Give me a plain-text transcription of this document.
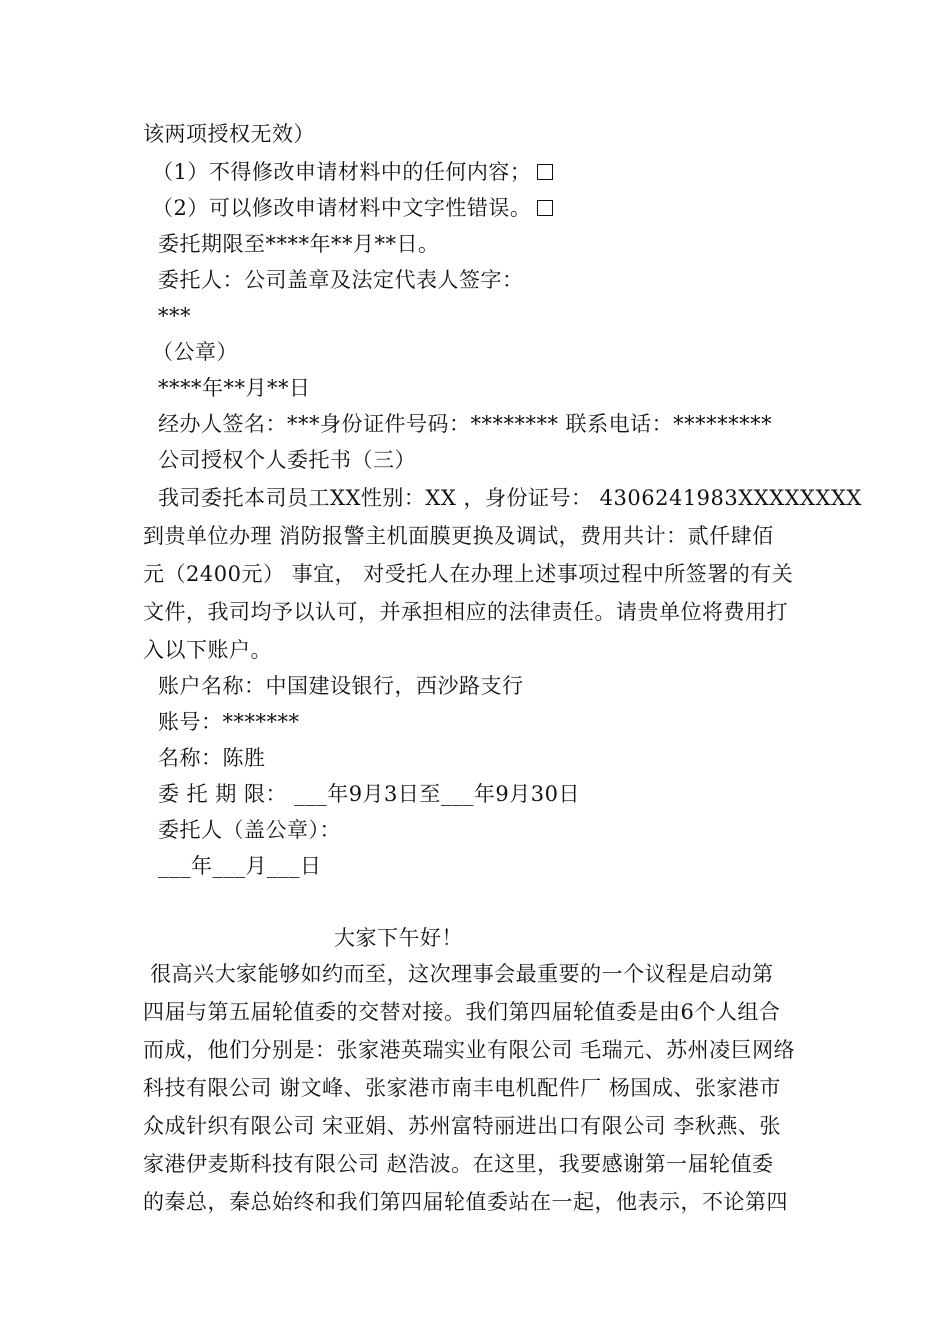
该两项授权无效）
（1）不得修改申请材料中的任何内容；
（2）可以修改申请材料中文字性错误。
委托期限至****年**月**日。
委托人：公司盖章及法定代表人签字：
***
（公章）
****年**月**日
经办人签名：***身份证件号码：******** 联系电话：*********
公司授权个人委托书（三）
我司委托本司员工XX性别：XX ，身份证号： 4306241983XXXXXXXX
到贵单位办理 消防报警主机面膜更换及调试，费用共计：贰仟肆佰
元（2400元） 事宜， 对受托人在办理上述事项过程中所签署的有关
文件，我司均予以认可，并承担相应的法律责任。请贵单位将费用打
入以下账户。
账户名称：中国建设银行，西沙路支行
账号：*******
名称：陈胜
委 托 期 限： ___年9月3日至___年9月30日
委托人（盖公章）：
___年___月___日
大家下午好！
很高兴大家能够如约而至，这次理事会最重要的一个议程是启动第
四届与第五届轮值委的交替对接。我们第四届轮值委是由6个人组合
而成，他们分别是：张家港英瑞实业有限公司 毛瑞元、苏州凌巨网络
科技有限公司 谢文峰、张家港市南丰电机配件厂 杨国成、张家港市
众成针织有限公司 宋亚娟、苏州富特丽进出口有限公司 李秋燕、张
家港伊麦斯科技有限公司 赵浩波。在这里，我要感谢第一届轮值委
的秦总，秦总始终和我们第四届轮值委站在一起，他表示，不论第四
